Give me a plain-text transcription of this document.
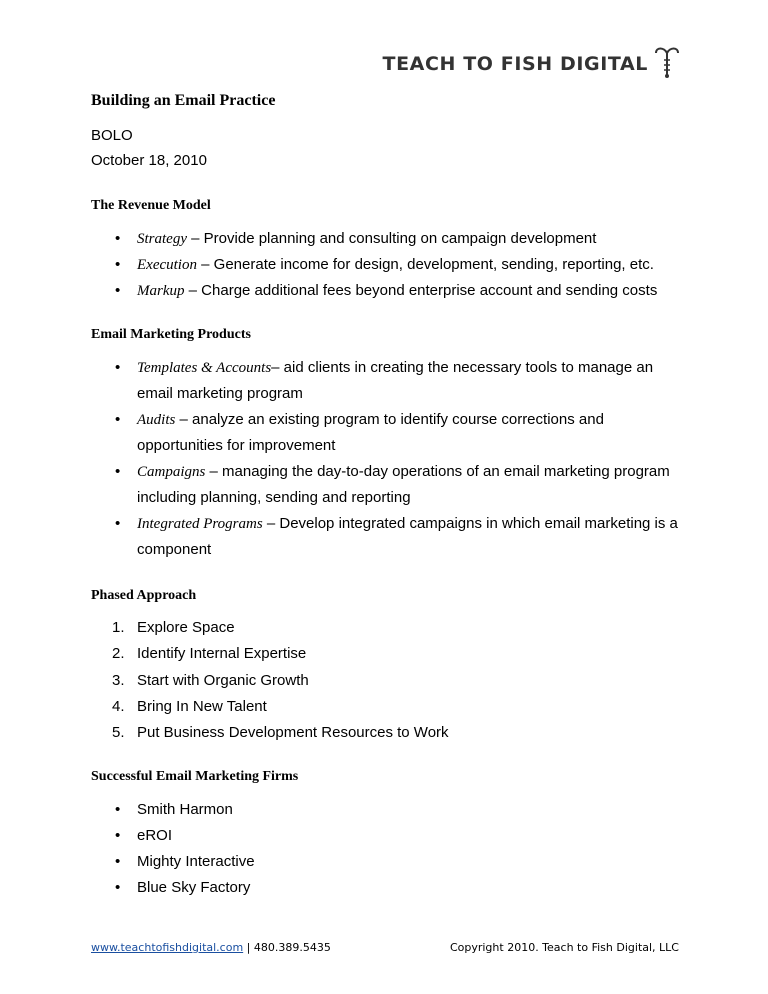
TEACH TO FISH DIGITAL
Building an Email Practice
BOLO
October 18, 2010
The Revenue Model
• Strategy – Provide planning and consulting on campaign development
• Execution – Generate income for design, development, sending, reporting, etc.
• Markup – Charge additional fees beyond enterprise account and sending costs
Email Marketing Products
• Templates & Accounts– aid clients in creating the necessary tools to manage an
email marketing program
• Audits – analyze an existing program to identify course corrections and
opportunities for improvement
• Campaigns – managing the day-to-day operations of an email marketing program
including planning, sending and reporting
• Integrated Programs – Develop integrated campaigns in which email marketing is a
component
Phased Approach
1. Explore Space
2. Identify Internal Expertise
3. Start with Organic Growth
4. Bring In New Talent
5. Put Business Development Resources to Work
Successful Email Marketing Firms
• Smith Harmon
• eROI
• Mighty Interactive
• Blue Sky Factory
www.teachtofishdigital.com | 480.389.5435	Copyright 2010. Teach to Fish Digital, LLC
